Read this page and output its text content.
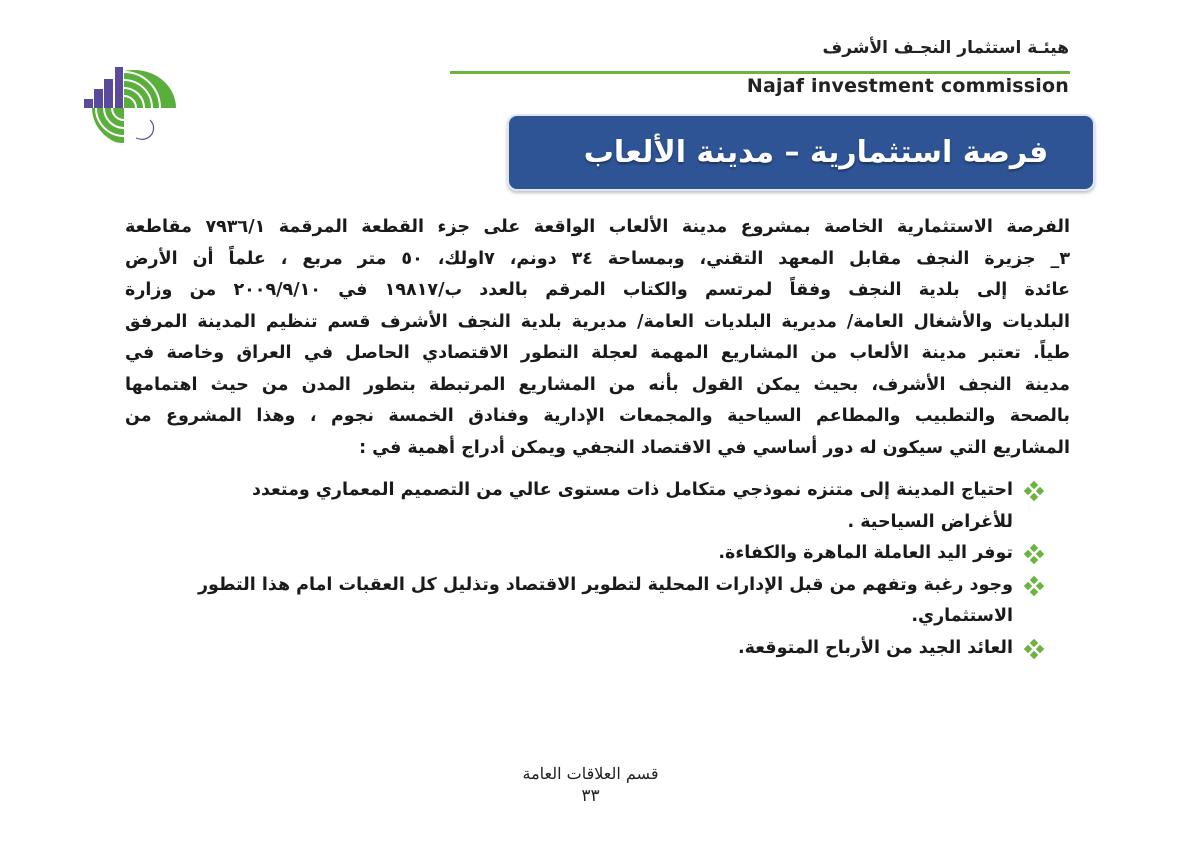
هيئـة استثمار النجـف الأشرف
Najaf investment commission
فرصة استثمارية – مدينة الألعاب
الفرصة الاستثمارية الخاصة بمشروع مدينة الألعاب الواقعة على جزء القطعة المرقمة ٧٩٣٦/١ مقاطعة
٣_ جزيرة النجف مقابل المعهد التقني، وبمساحة ٣٤ دونم، ٧اولك، ٥٠ متر مربع ، علماً أن الأرض
عائدة إلى بلدية النجف وفقاً لمرتسم والكتاب المرقم بالعدد ب/١٩٨١٧ في ٢٠٠٩/٩/١٠ من وزارة
البلديات والأشغال العامة/ مديرية البلديات العامة/ مديرية بلدية النجف الأشرف قسم تنظيم المدينة المرفق
طياً. تعتبر مدينة الألعاب من المشاريع المهمة لعجلة التطور الاقتصادي الحاصل في العراق وخاصة في
مدينة النجف الأشرف، بحيث يمكن القول بأنه من المشاريع المرتبطة بتطور المدن من حيث اهتمامها
بالصحة والتطبيب والمطاعم السياحية والمجمعات الإدارية وفنادق الخمسة نجوم ، وهذا المشروع من
المشاريع التي سيكون له دور أساسي في الاقتصاد النجفي ويمكن أدراج أهمية في :
احتياج المدينة إلى متنزه نموذجي متكامل ذات مستوى عالي من التصميم المعماري ومتعدد
للأغراض السياحية .
توفر اليد العاملة الماهرة والكفاءة.
وجود رغبة وتفهم من قبل الإدارات المحلية لتطوير الاقتصاد وتذليل كل العقبات امام هذا التطور
الاستثماري.
العائد الجيد من الأرباح المتوقعة.
قسم العلاقات العامة
٣٣
